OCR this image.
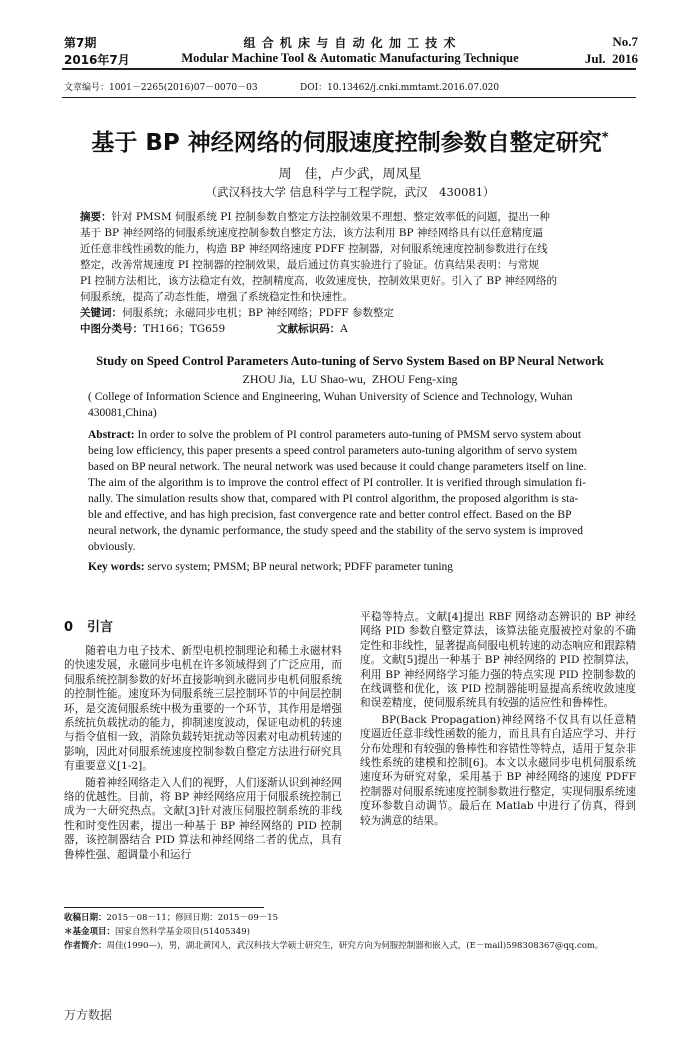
第7期
2016年7月
组 合 机 床 与 自 动 化 加 工 技 术
Modular Machine Tool & Automatic Manufacturing Technique
No.7
Jul.  2016
文章编号：1001－2265(2016)07－0070－03	DOI：10.13462/j.cnki.mmtamt.2016.07.020
基于 BP 神经网络的伺服速度控制参数自整定研究*
周　佳，卢少武，周凤星
（武汉科技大学 信息科学与工程学院，武汉　430081）
摘要：针对 PMSM 伺服系统 PI 控制参数自整定方法控制效果不理想、整定效率低的问题，提出一种
基于 BP 神经网络的伺服系统速度控制参数自整定方法，该方法利用 BP 神经网络具有以任意精度逼
近任意非线性函数的能力，构造 BP 神经网络速度 PDFF 控制器，对伺服系统速度控制参数进行在线
整定，改善常规速度 PI 控制器的控制效果，最后通过仿真实验进行了验证。仿真结果表明：与常规
PI 控制方法相比，该方法稳定有效，控制精度高，收敛速度快，控制效果更好。引入了 BP 神经网络的
伺服系统，提高了动态性能，增强了系统稳定性和快速性。
关键词：伺服系统；永磁同步电机；BP 神经网络；PDFF 参数整定
中图分类号：TH166；TG659	文献标识码：A
Study on Speed Control Parameters Auto-tuning of Servo System Based on BP Neural Network
ZHOU Jia,  LU Shao-wu,  ZHOU Feng-xing
( College of Information Science and Engineering, Wuhan University of Science and Technology, Wuhan
430081,China)
Abstract: In order to solve the problem of PI control parameters auto-tuning of PMSM servo system about
being low efficiency, this paper presents a speed control parameters auto-tuning algorithm of servo system
based on BP neural network. The neural network was used because it could change parameters itself on line.
The aim of the algorithm is to improve the control effect of PI controller. It is verified through simulation fi-
nally. The simulation results show that, compared with PI control algorithm, the proposed algorithm is sta-
ble and effective, and has high precision, fast convergence rate and better control effect. Based on the BP
neural network, the dynamic performance, the study speed and the stability of the servo system is improved
obviously.
Key words: servo system; PMSM; BP neural network; PDFF parameter tuning
0 引言

随着电力电子技术、新型电机控制理论和稀土永磁材料的快速发展，永磁同步电机在许多领域得到了广泛应用，而伺服系统控制参数的好坏直接影响到永磁同步电机伺服系统的控制性能。速度环为伺服系统三层控制环节的中间层控制环，是交流伺服系统中极为重要的一个环节，其作用是增强系统抗负载扰动的能力，抑制速度波动，保证电动机的转速与指令值相一致，消除负载转矩扰动等因素对电动机转速的影响，因此对伺服系统速度控制参数自整定方法进行研究具有重要意义[1-2]。

随着神经网络走入人们的视野，人们逐渐认识到神经网络的优越性。目前，将 BP 神经网络应用于伺服系统控制已成为一大研究热点。文献[3]针对液压伺服控制系统的非线性和时变性因素，提出一种基于 BP 神经网络的 PID 控制器，该控制器结合 PID 算法和神经网络二者的优点，具有鲁棒性强、超调量小和运行

平稳等特点。文献[4]提出 RBF 网络动态辨识的 BP 神经网络 PID 参数自整定算法，该算法能克服被控对象的不确定性和非线性，显著提高伺服电机转速的动态响应和跟踪精度。文献[5]提出一种基于 BP 神经网络的 PID 控制算法，利用 BP 神经网络学习能力强的特点实现 PID 控制参数的在线调整和优化，该 PID 控制器能明显提高系统收敛速度和误差精度，使伺服系统具有较强的适应性和鲁棒性。

BP(Back Propagation)神经网络不仅具有以任意精度逼近任意非线性函数的能力，而且具有自适应学习、并行分布处理和有较强的鲁棒性和容错性等特点，适用于复杂非线性系统的建模和控制[6]。本文以永磁同步电机伺服系统速度环为研究对象，采用基于 BP 神经网络的速度 PDFF 控制器对伺服系统速度控制参数进行整定，实现伺服系统速度环参数自动调节。最后在 Matlab 中进行了仿真，得到较为满意的结果。

收稿日期：2015－08－11；修回日期：2015－09－15
＊基金项目：国家自然科学基金项目(51405349)
作者简介：周佳(1990—)，男，湖北黄冈人，武汉科技大学硕士研究生，研究方向为伺服控制器和嵌入式，(E－mail)598308367@qq.com。
万方数据
